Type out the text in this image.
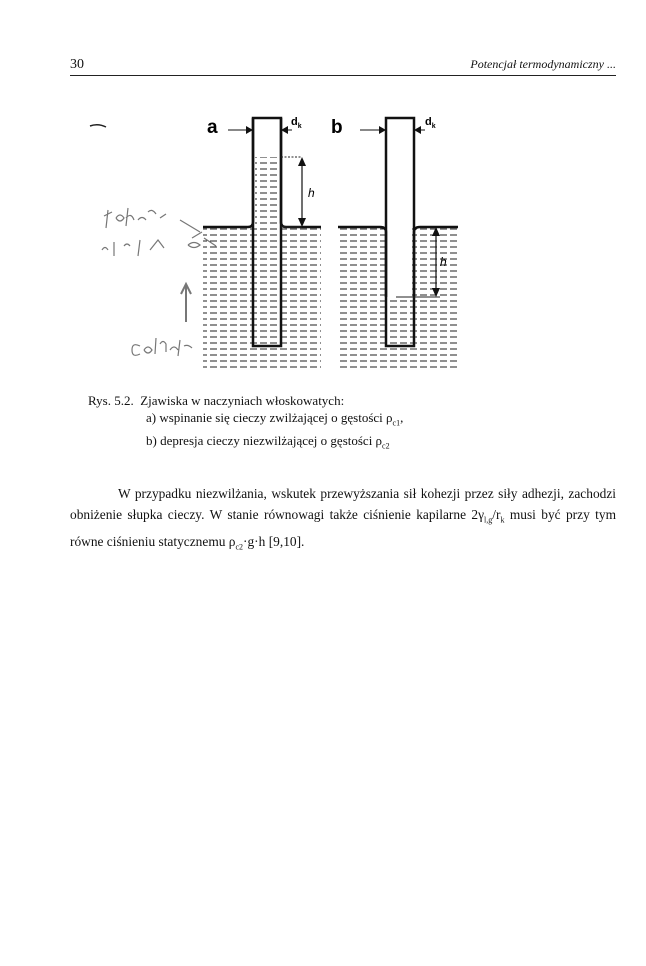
30	Potencjał termodynamiczny ...
h
a	$d_k$
h
b	$d_k$
Rys. 5.2. Zjawiska w naczyniach włoskowatych:
a) wspinanie się cieczy zwilżającej o gęstości $\rho_{c1}$,
b) depresja cieczy niezwilżającej o gęstości $\rho_{c2}$

W przypadku niezwilżania, wskutek przewyższania sił kohezji przez siły adhezji, zachodzi obniżenie słupka cieczy. W stanie równowagi także ciśnienie kapilarne $2\gamma_{l,g}/r_k$ musi być przy tym równe ciśnieniu statycznemu $\rho_{c2}\cdot g\cdot h$ [9,10].
